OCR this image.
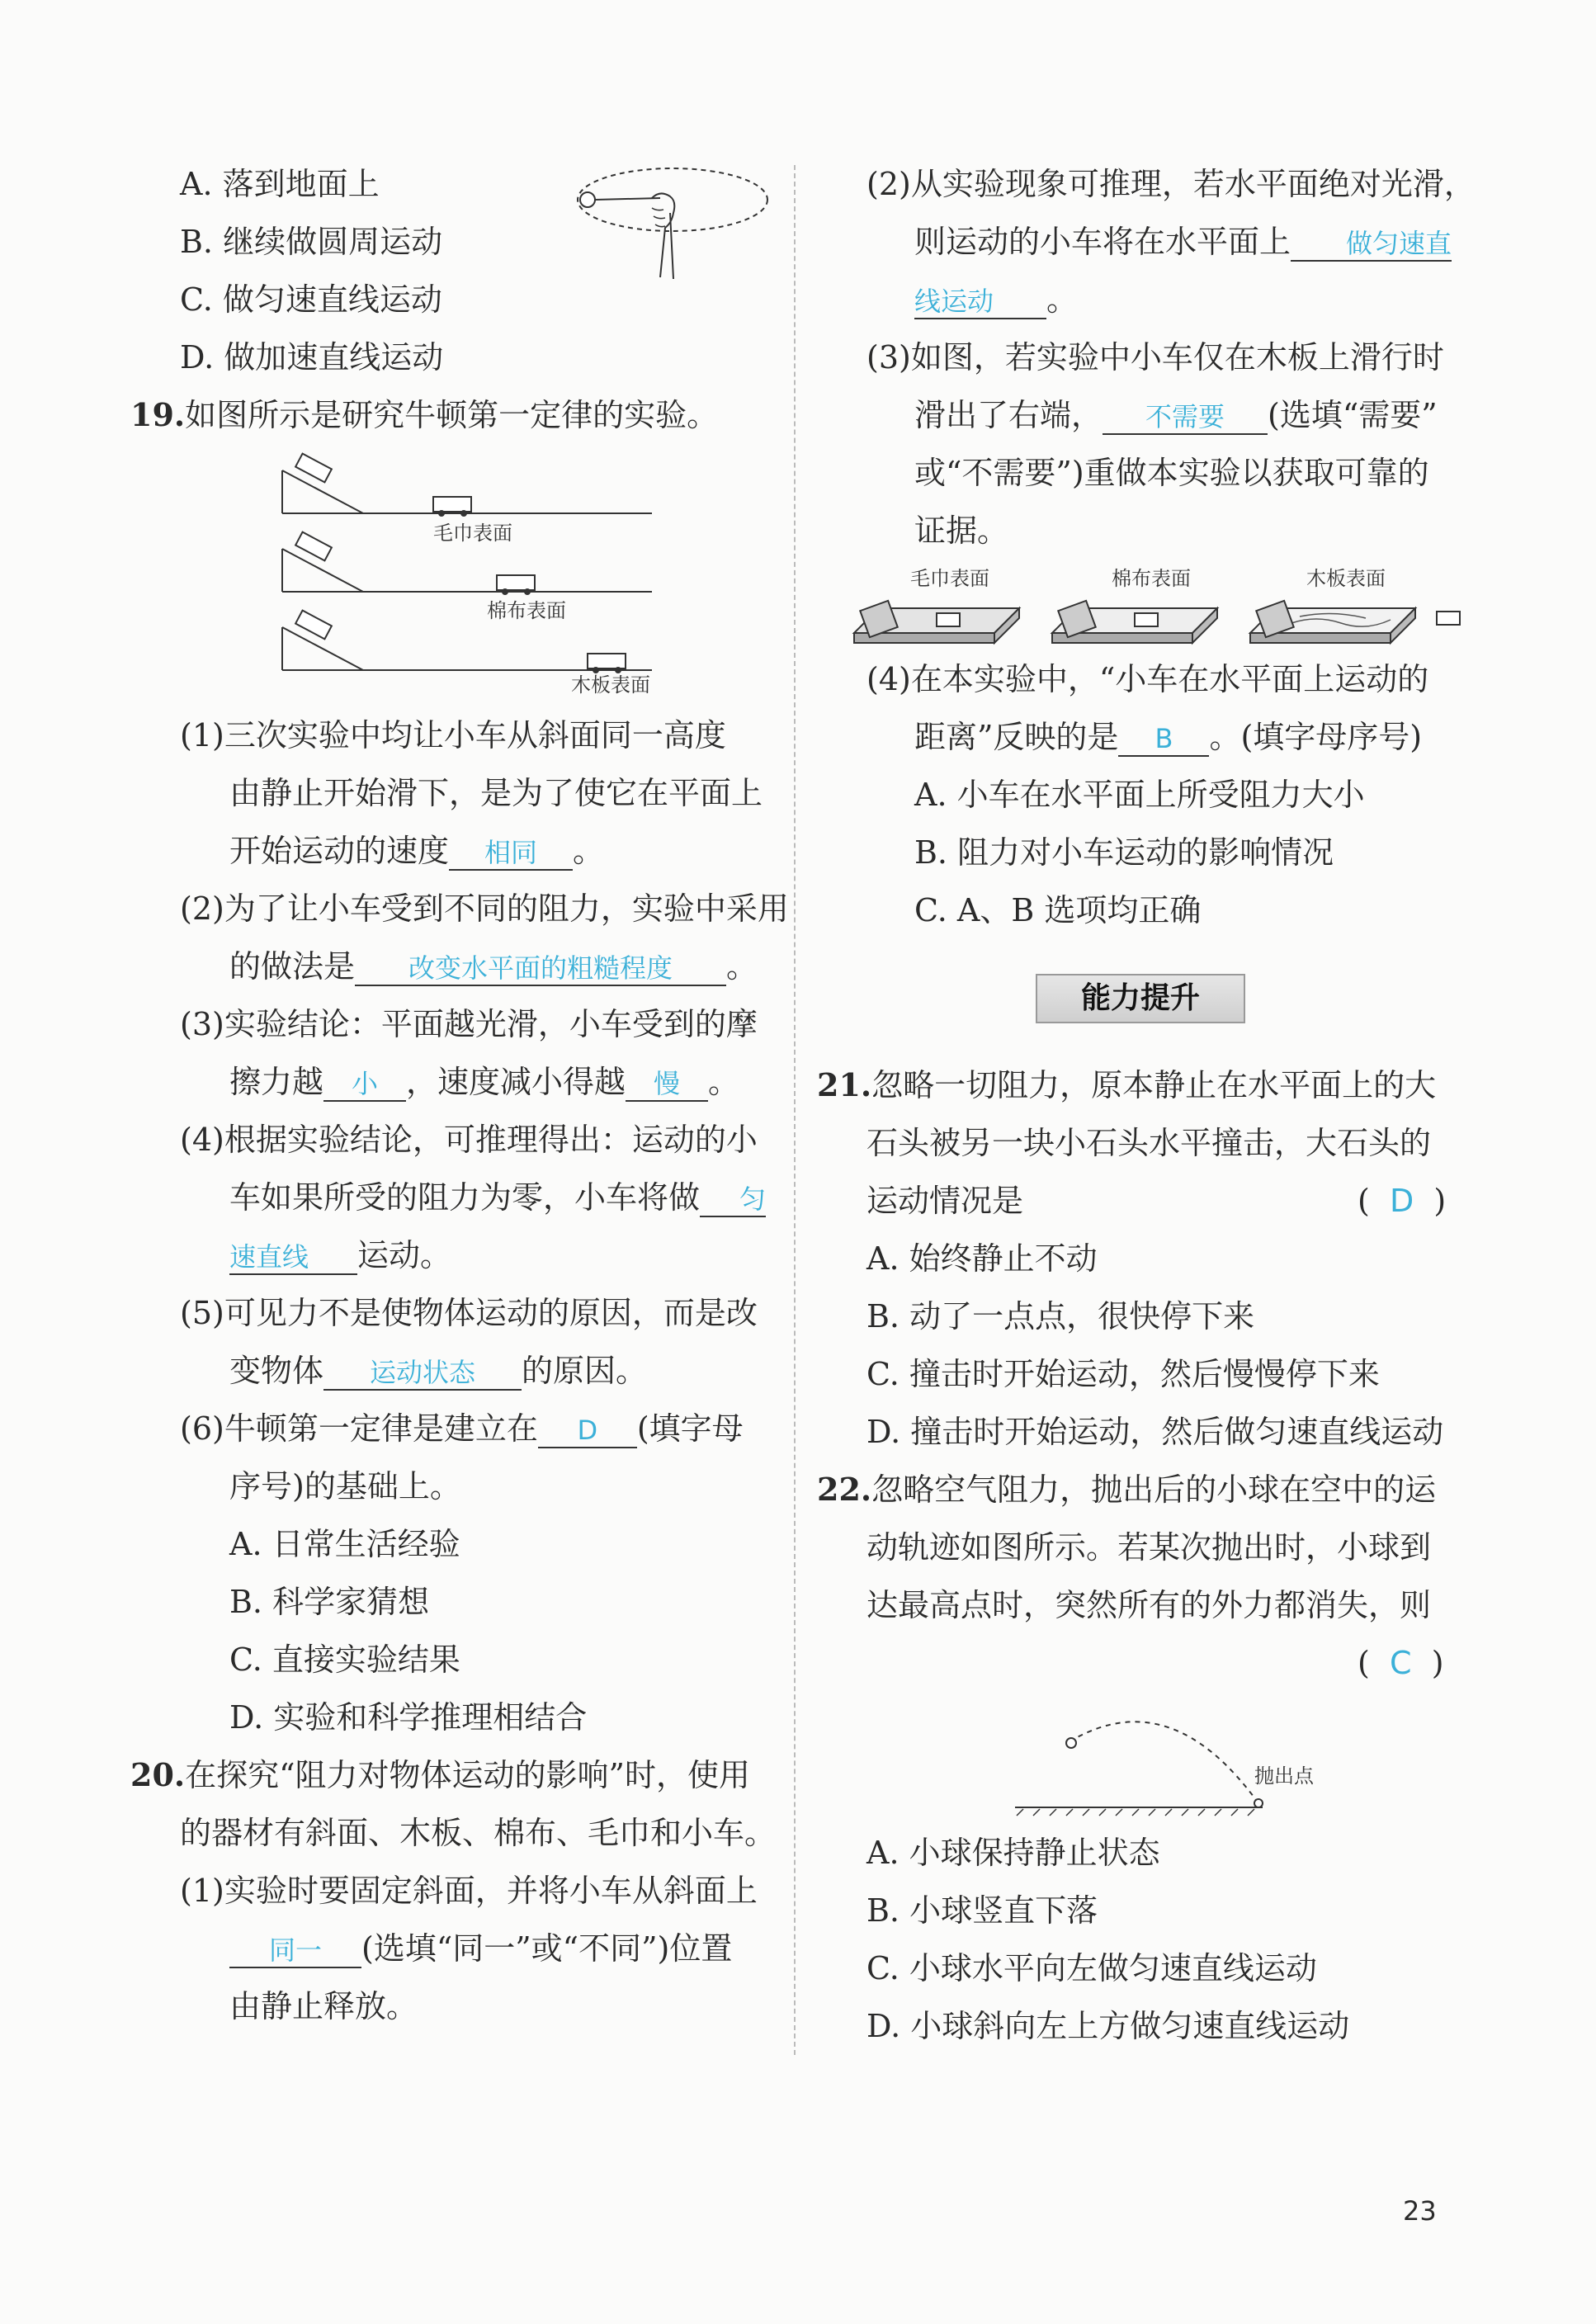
A. 落到地面上
B. 继续做圆周运动
C. 做匀速直线运动
D. 做加速直线运动
19.如图所示是研究牛顿第一定律的实验。
毛巾表面
棉布表面
木板表面
(1)三次实验中均让小车从斜面同一高度
由静止开始滑下，是为了使它在平面上
开始运动的速度 相同 。
(2)为了让小车受到不同的阻力，实验中采用
的做法是 改变水平面的粗糙程度 。
(3)实验结论：平面越光滑，小车受到的摩
擦力越 小 ，速度减小得越 慢 。
(4)根据实验结论，可推理得出：运动的小
车如果所受的阻力为零，小车将做 匀
速直线 运动。
(5)可见力不是使物体运动的原因，而是改
变物体 运动状态 的原因。
(6)牛顿第一定律是建立在 D (填字母
序号)的基础上。
A. 日常生活经验
B. 科学家猜想
C. 直接实验结果
D. 实验和科学推理相结合
20.在探究“阻力对物体运动的影响”时，使用
的器材有斜面、木板、棉布、毛巾和小车。
(1)实验时要固定斜面，并将小车从斜面上
同一 (选填“同一”或“不同”)位置
由静止释放。
(2)从实验现象可推理，若水平面绝对光滑，
则运动的小车将在水平面上 做匀速直
线运动 。
(3)如图，若实验中小车仅在木板上滑行时
滑出了右端， 不需要 (选填“需要”
或“不需要”)重做本实验以获取可靠的
证据。
毛巾表面	棉布表面	木板表面
(4)在本实验中，“小车在水平面上运动的
距离”反映的是 B 。(填字母序号)
A. 小车在水平面上所受阻力大小
B. 阻力对小车运动的影响情况
C. A、B 选项均正确
能力提升
21.忽略一切阻力，原本静止在水平面上的大
石头被另一块小石头水平撞击，大石头的
运动情况是	(  D  )
A. 始终静止不动
B. 动了一点点，很快停下来
C. 撞击时开始运动，然后慢慢停下来
D. 撞击时开始运动，然后做匀速直线运动
22.忽略空气阻力，抛出后的小球在空中的运
动轨迹如图所示。若某次抛出时，小球到
达最高点时，突然所有的外力都消失，则
(  C  )
抛出点
A. 小球保持静止状态
B. 小球竖直下落
C. 小球水平向左做匀速直线运动
D. 小球斜向左上方做匀速直线运动
23
